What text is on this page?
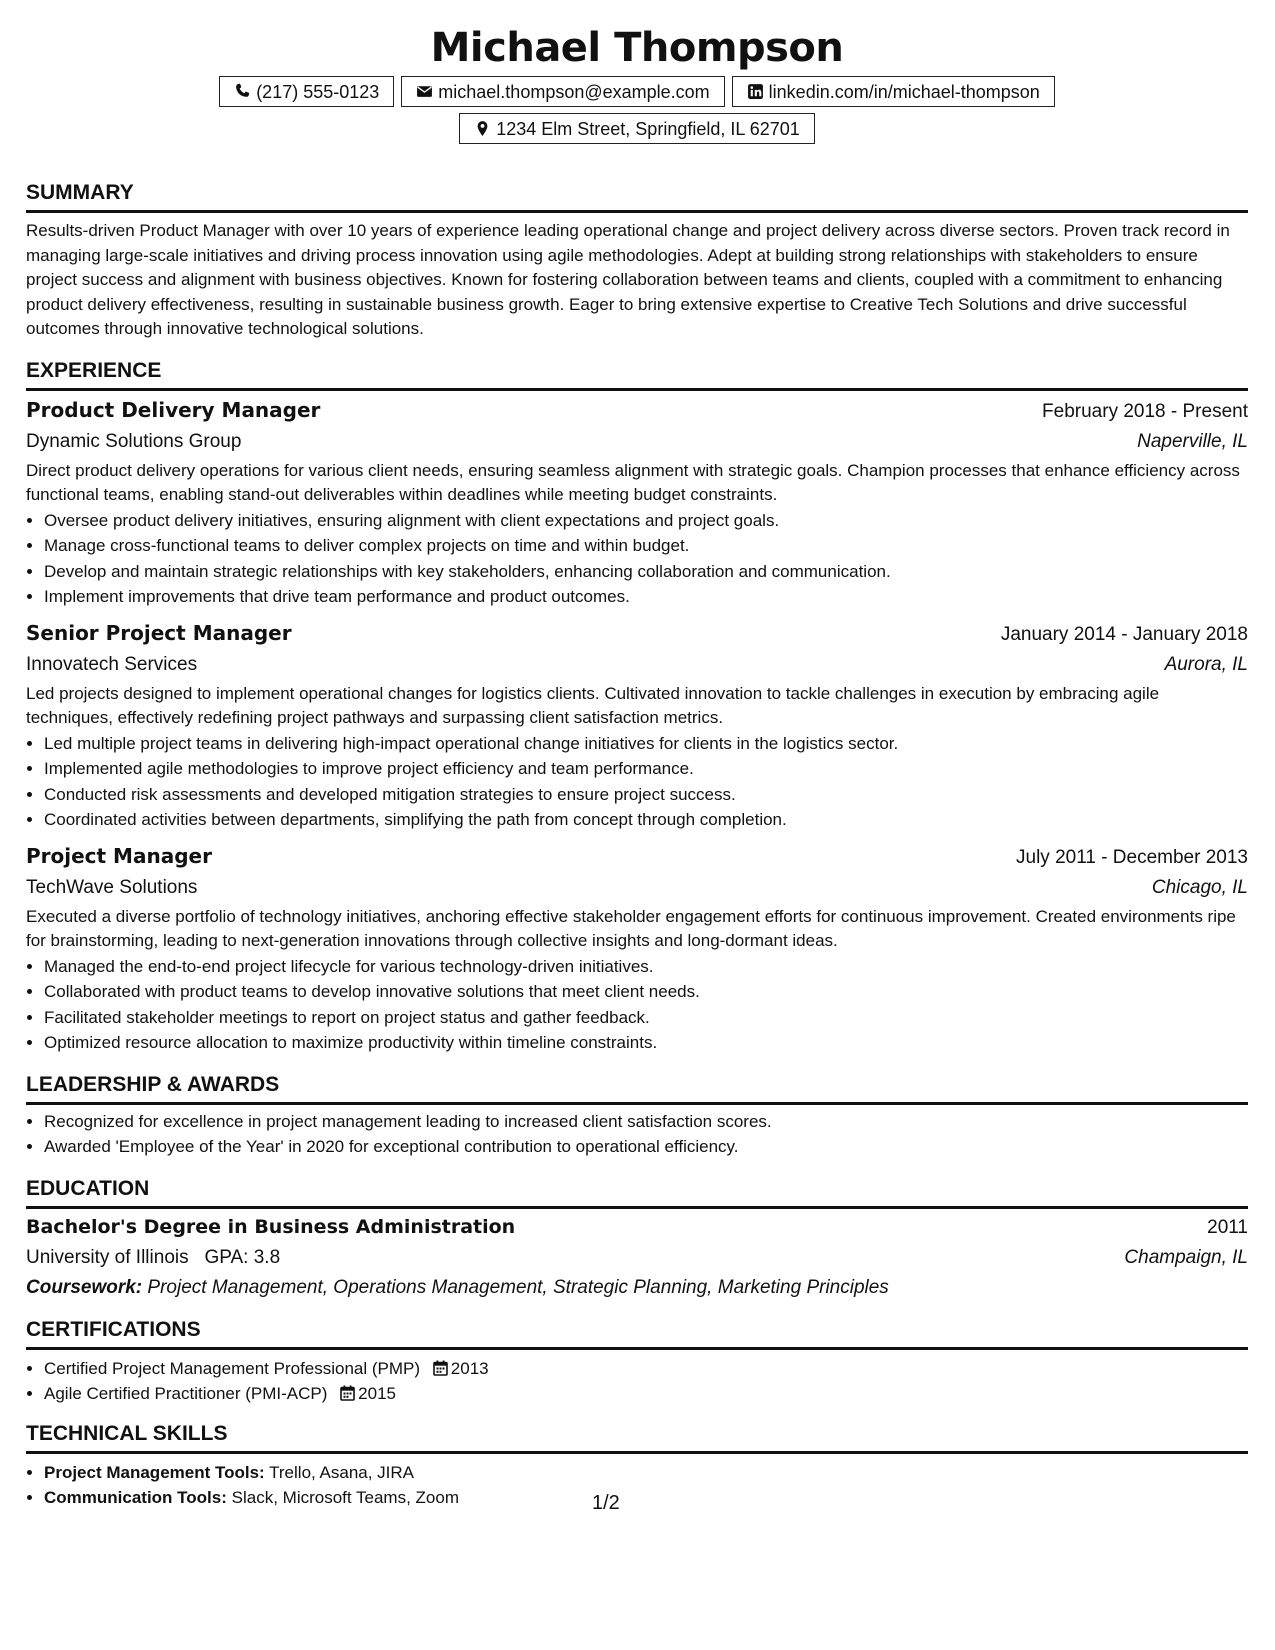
Michael Thompson
(217) 555-0123	michael.thompson@example.com	linkedin.com/in/michael-thompson
1234 Elm Street, Springfield, IL 62701
SUMMARY

Results-driven Product Manager with over 10 years of experience leading operational change and project delivery across diverse sectors. Proven track record in managing large-scale initiatives and driving process innovation using agile methodologies. Adept at building strong relationships with stakeholders to ensure project success and alignment with business objectives. Known for fostering collaboration between teams and clients, coupled with a commitment to enhancing product delivery effectiveness, resulting in sustainable business growth. Eager to bring extensive expertise to Creative Tech Solutions and drive successful outcomes through innovative technological solutions.

EXPERIENCE
Product Delivery Manager	February 2018 - Present
Dynamic Solutions Group	Naperville, IL

Direct product delivery operations for various client needs, ensuring seamless alignment with strategic goals. Champion processes that enhance efficiency across functional teams, enabling stand-out deliverables within deadlines while meeting budget constraints.

• Oversee product delivery initiatives, ensuring alignment with client expectations and project goals.
• Manage cross-functional teams to deliver complex projects on time and within budget.
• Develop and maintain strategic relationships with key stakeholders, enhancing collaboration and communication.
• Implement improvements that drive team performance and product outcomes.
Senior Project Manager	January 2014 - January 2018
Innovatech Services	Aurora, IL

Led projects designed to implement operational changes for logistics clients. Cultivated innovation to tackle challenges in execution by embracing agile techniques, effectively redefining project pathways and surpassing client satisfaction metrics.

• Led multiple project teams in delivering high-impact operational change initiatives for clients in the logistics sector.
• Implemented agile methodologies to improve project efficiency and team performance.
• Conducted risk assessments and developed mitigation strategies to ensure project success.
• Coordinated activities between departments, simplifying the path from concept through completion.
Project Manager	July 2011 - December 2013
TechWave Solutions	Chicago, IL

Executed a diverse portfolio of technology initiatives, anchoring effective stakeholder engagement efforts for continuous improvement. Created environments ripe for brainstorming, leading to next-generation innovations through collective insights and long-dormant ideas.

• Managed the end-to-end project lifecycle for various technology-driven initiatives.
• Collaborated with product teams to develop innovative solutions that meet client needs.
• Facilitated stakeholder meetings to report on project status and gather feedback.
• Optimized resource allocation to maximize productivity within timeline constraints.
LEADERSHIP & AWARDS
• Recognized for excellence in project management leading to increased client satisfaction scores.
• Awarded 'Employee of the Year' in 2020 for exceptional contribution to operational efficiency.
EDUCATION
Bachelor's Degree in Business Administration	2011
University of Illinois GPA: 3.8	Champaign, IL
Coursework: Project Management, Operations Management, Strategic Planning, Marketing Principles
CERTIFICATIONS
• Certified Project Management Professional (PMP) 2013
• Agile Certified Practitioner (PMI-ACP) 2015
TECHNICAL SKILLS
• Project Management Tools: Trello, Asana, JIRA
• Communication Tools: Slack, Microsoft Teams, Zoom	1/2
